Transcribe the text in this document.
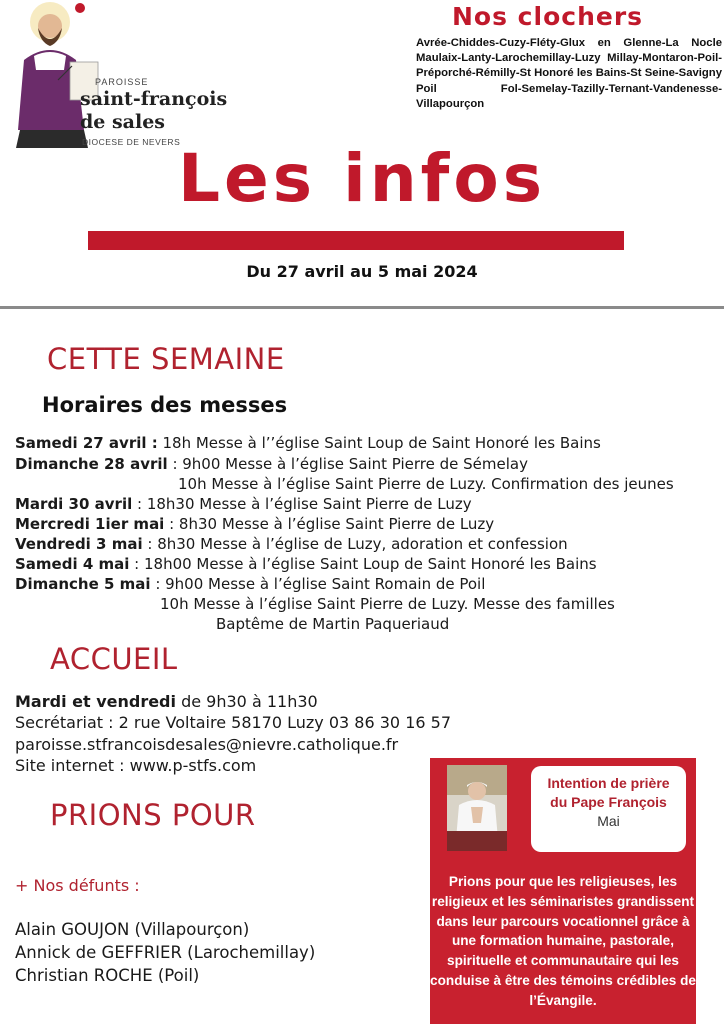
PAROISSE
saint-françois
de sales
DIOCESE DE NEVERS
Nos clochers
Avrée-Chiddes-Cuzy-Fléty-Glux en Glenne-La Nocle Maulaix-Lanty-Larochemillay-Luzy Millay-Montaron-Poil-Préporché-Rémilly-St Honoré les Bains-St Seine-Savigny Poil Fol-Semelay-Tazilly-Ternant-Vandenesse-Villapourçon
Les infos
Du 27 avril au 5 mai 2024
CETTE SEMAINE
Horaires des messes
Samedi 27 avril : 18h Messe à l’’église Saint Loup de Saint Honoré les Bains
Dimanche 28 avril : 9h00 Messe à l’église Saint Pierre de Sémelay
10h Messe à l’église Saint Pierre de Luzy. Confirmation des jeunes
Mardi 30 avril : 18h30 Messe à l’église Saint Pierre de Luzy
Mercredi 1ier mai : 8h30 Messe à l’église Saint Pierre de Luzy
Vendredi 3 mai : 8h30 Messe à l’église de Luzy, adoration et confession
Samedi 4 mai : 18h00 Messe à l’église Saint Loup de Saint Honoré les Bains
Dimanche 5 mai : 9h00 Messe à l’église Saint Romain de Poil
10h Messe à l’église Saint Pierre de Luzy. Messe des familles
Baptême de Martin Paqueriaud
ACCUEIL
Mardi et vendredi de 9h30 à 11h30
Secrétariat : 2 rue Voltaire 58170 Luzy 03 86 30 16 57
paroisse.stfrancoisdesales@nievre.catholique.fr
Site internet : www.p-stfs.com
PRIONS POUR
+ Nos défunts :
Alain GOUJON (Villapourçon)
Annick de GEFFRIER (Larochemillay)
Christian ROCHE (Poil)
Intention de prière
du Pape François
Mai
Prions pour que les religieuses, les religieux et les séminaristes grandissent dans leur parcours vocationnel grâce à une formation humaine, pastorale, spirituelle et communautaire qui les conduise à être des témoins crédibles de l’Évangile.
